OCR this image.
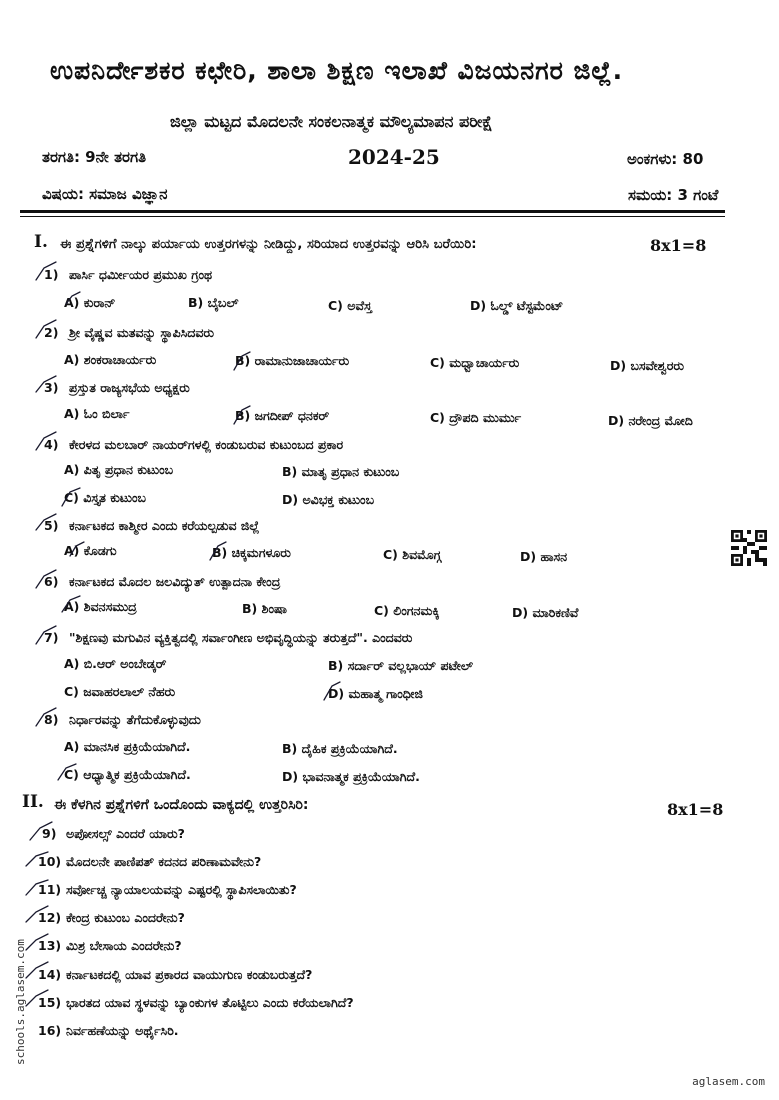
ಉಪನಿರ್ದೇಶಕರ ಕಛೇರಿ, ಶಾಲಾ ಶಿಕ್ಷಣ ಇಲಾಖೆ ವಿಜಯನಗರ ಜಿಲ್ಲೆ.
ಜಿಲ್ಲಾ ಮಟ್ಟದ ಮೊದಲನೇ ಸಂಕಲನಾತ್ಮಕ ಮೌಲ್ಯಮಾಪನ ಪರೀಕ್ಷೆ
ತರಗತಿ: 9ನೇ ತರಗತಿ	2024-25	ಅಂಕಗಳು: 80
ವಿಷಯ: ಸಮಾಜ ವಿಜ್ಞಾನ	ಸಮಯ: 3 ಗಂಟೆ
I. ಈ ಪ್ರಶ್ನೆಗಳಿಗೆ ನಾಲ್ಕು ಪರ್ಯಾಯ ಉತ್ತರಗಳನ್ನು ನೀಡಿದ್ದು, ಸರಿಯಾದ ಉತ್ತರವನ್ನು ಆರಿಸಿ ಬರೆಯಿರಿ:	8x1=8
1) ಪಾರ್ಸಿ ಧರ್ಮೀಯರ ಪ್ರಮುಖ ಗ್ರಂಥ
A) ಕುರಾನ್	B) ಬೈಬಲ್	C) ಅವೆಸ್ತ	D) ಓಲ್ಡ್ ಟೆಸ್ಟಮೆಂಟ್
2) ಶ್ರೀ ವೈಷ್ಣವ ಮತವನ್ನು ಸ್ಥಾಪಿಸಿದವರು
A) ಶಂಕರಾಚಾರ್ಯರು	B) ರಾಮಾನುಜಾಚಾರ್ಯರು	C) ಮಧ್ವಾಚಾರ್ಯರು	D) ಬಸವೇಶ್ವರರು
3) ಪ್ರಸ್ತುತ ರಾಜ್ಯಸಭೆಯ ಅಧ್ಯಕ್ಷರು
A) ಓಂ ಬಿರ್ಲಾ	B) ಜಗದೀಪ್ ಧನಕರ್	C) ದ್ರೌಪದಿ ಮುರ್ಮು	D) ನರೇಂದ್ರ ಮೋದಿ
4) ಕೇರಳದ ಮಲಬಾರ್ ನಾಯರ್‌ಗಳಲ್ಲಿ ಕಂಡುಬರುವ ಕುಟುಂಬದ ಪ್ರಕಾರ
A) ಪಿತೃ ಪ್ರಧಾನ ಕುಟುಂಬ	B) ಮಾತೃ ಪ್ರಧಾನ ಕುಟುಂಬ
C) ವಿಸ್ತೃತ ಕುಟುಂಬ	D) ಅವಿಭಕ್ತ ಕುಟುಂಬ
5) ಕರ್ನಾಟಕದ ಕಾಶ್ಮೀರ ಎಂದು ಕರೆಯಲ್ಪಡುವ ಜಿಲ್ಲೆ
A) ಕೊಡಗು	B) ಚಿಕ್ಕಮಗಳೂರು	C) ಶಿವಮೊಗ್ಗ	D) ಹಾಸನ
6) ಕರ್ನಾಟಕದ ಮೊದಲ ಜಲವಿದ್ಯುತ್ ಉತ್ಪಾದನಾ ಕೇಂದ್ರ
A) ಶಿವನಸಮುದ್ರ	B) ಶಿಂಷಾ	C) ಲಿಂಗನಮಕ್ಕಿ	D) ಮಾರಿಕಣಿವೆ
7) "ಶಿಕ್ಷಣವು ಮಗುವಿನ ವ್ಯಕ್ತಿತ್ವದಲ್ಲಿ ಸರ್ವಾಂಗೀಣ ಅಭಿವೃದ್ಧಿಯನ್ನು ತರುತ್ತದೆ". ಎಂದವರು
A) ಬಿ.ಆರ್ ಅಂಬೇಡ್ಕರ್	B) ಸರ್ದಾರ್ ವಲ್ಲಭಾಯ್ ಪಟೇಲ್
C) ಜವಾಹರಲಾಲ್ ನೆಹರು	D) ಮಹಾತ್ಮ ಗಾಂಧೀಜಿ
8) ನಿರ್ಧಾರವನ್ನು ತೆಗೆದುಕೊಳ್ಳುವುದು
A) ಮಾನಸಿಕ ಪ್ರಕ್ರಿಯೆಯಾಗಿದೆ.	B) ದೈಹಿಕ ಪ್ರಕ್ರಿಯೆಯಾಗಿದೆ.
C) ಆಧ್ಯಾತ್ಮಿಕ ಪ್ರಕ್ರಿಯೆಯಾಗಿದೆ.	D) ಭಾವನಾತ್ಮಕ ಪ್ರಕ್ರಿಯೆಯಾಗಿದೆ.
II. ಈ ಕೆಳಗಿನ ಪ್ರಶ್ನೆಗಳಿಗೆ ಒಂದೊಂದು ವಾಕ್ಯದಲ್ಲಿ ಉತ್ತರಿಸಿರಿ:	8x1=8
9) ಅಪೋಸಲ್ಸ್ ಎಂದರೆ ಯಾರು?
10) ಮೊದಲನೇ ಪಾಣಿಪತ್ ಕದನದ ಪರಿಣಾಮವೇನು?
11) ಸರ್ವೋಚ್ಚ ನ್ಯಾಯಾಲಯವನ್ನು ಎಷ್ಟರಲ್ಲಿ ಸ್ಥಾಪಿಸಲಾಯಿತು?
12) ಕೇಂದ್ರ ಕುಟುಂಬ ಎಂದರೇನು?
13) ಮಿಶ್ರ ಬೇಸಾಯ ಎಂದರೇನು?
14) ಕರ್ನಾಟಕದಲ್ಲಿ ಯಾವ ಪ್ರಕಾರದ ವಾಯುಗುಣ ಕಂಡುಬರುತ್ತದೆ?
15) ಭಾರತದ ಯಾವ ಸ್ಥಳವನ್ನು ಬ್ಯಾಂಕುಗಳ ತೊಟ್ಟಿಲು ಎಂದು ಕರೆಯಲಾಗಿದೆ?
16) ನಿರ್ವಹಣೆಯನ್ನು ಅರ್ಥೈಸಿರಿ.
schools.aglasem.com
aglasem.com
